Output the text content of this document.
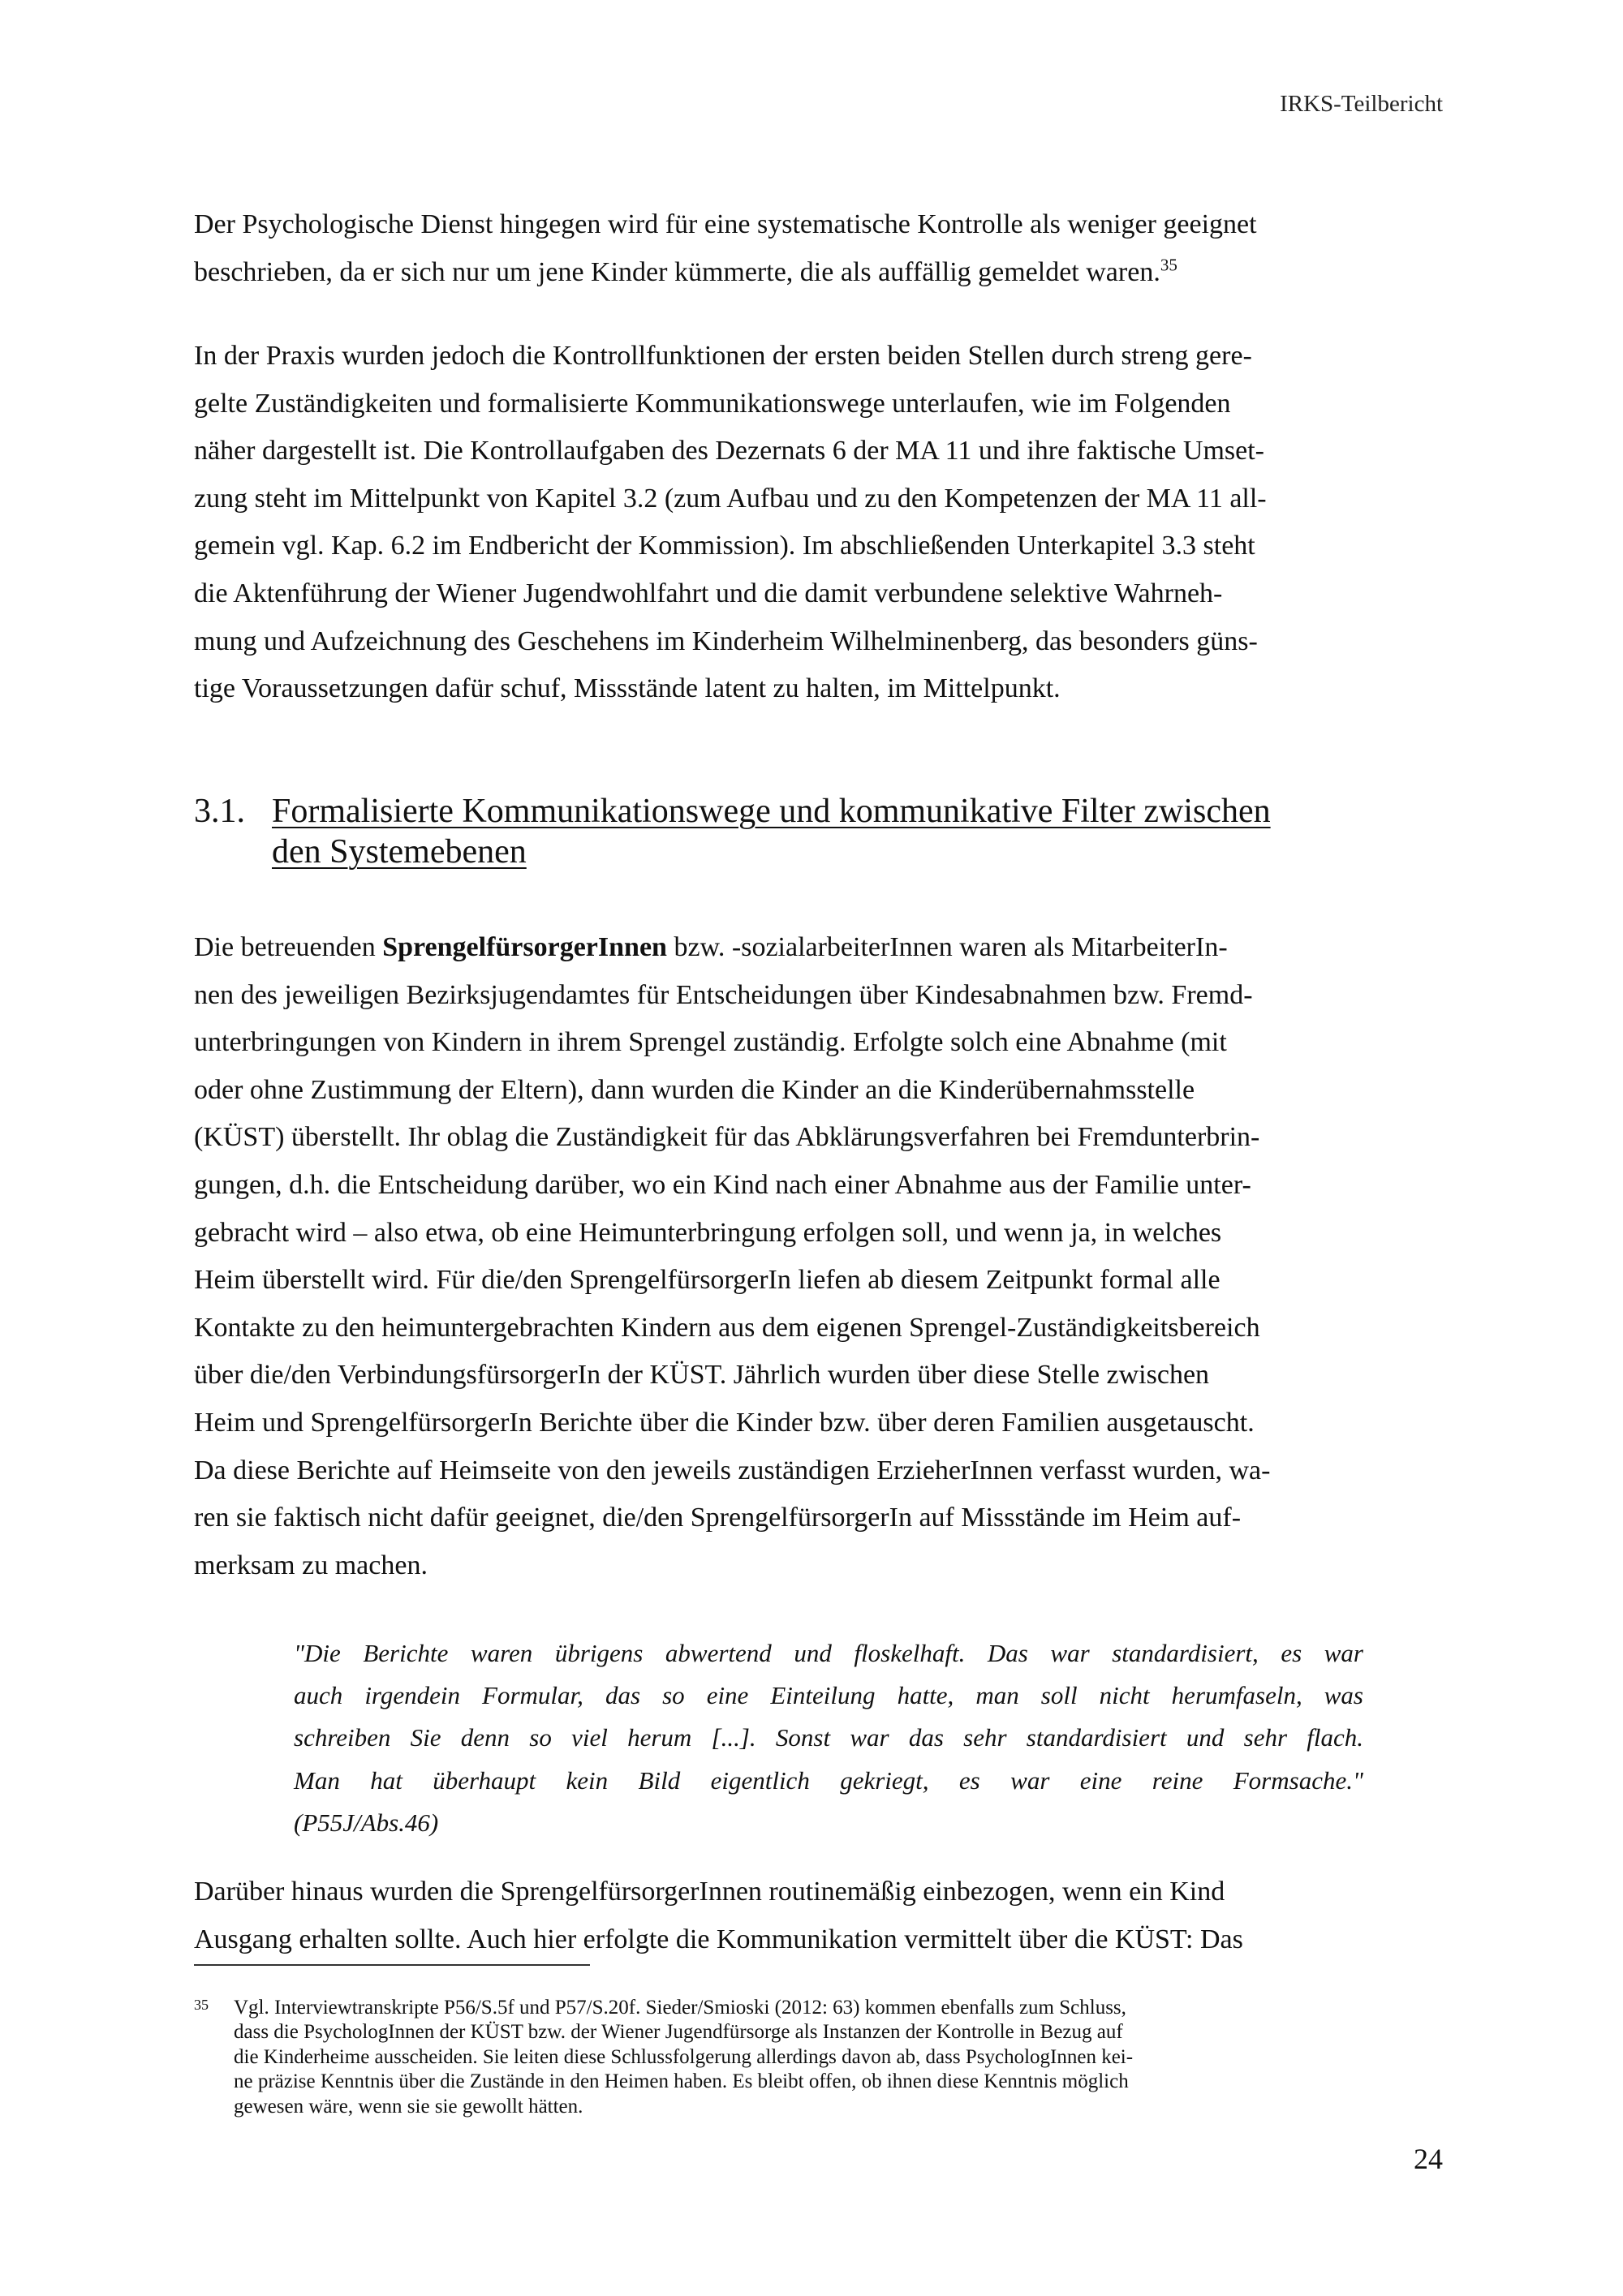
IRKS-Teilbericht
Der Psychologische Dienst hingegen wird für eine systematische Kontrolle als weniger geeignet
beschrieben, da er sich nur um jene Kinder kümmerte, die als auffällig gemeldet waren.$^{35}$
In der Praxis wurden jedoch die Kontrollfunktionen der ersten beiden Stellen durch streng gere-
gelte Zuständigkeiten und formalisierte Kommunikationswege unterlaufen, wie im Folgenden
näher dargestellt ist. Die Kontrollaufgaben des Dezernats 6 der MA 11 und ihre faktische Umset-
zung steht im Mittelpunkt von Kapitel 3.2 (zum Aufbau und zu den Kompetenzen der MA 11 all-
gemein vgl. Kap. 6.2 im Endbericht der Kommission). Im abschließenden Unterkapitel 3.3 steht
die Aktenführung der Wiener Jugendwohlfahrt und die damit verbundene selektive Wahrneh-
mung und Aufzeichnung des Geschehens im Kinderheim Wilhelminenberg, das besonders güns-
tige Voraussetzungen dafür schuf, Missstände latent zu halten, im Mittelpunkt.
3.1. Formalisierte Kommunikationswege und kommunikative Filter zwischen
den Systemebenen
Die betreuenden SprengelfürsorgerInnen bzw. -sozialarbeiterInnen waren als MitarbeiterIn-
nen des jeweiligen Bezirksjugendamtes für Entscheidungen über Kindesabnahmen bzw. Fremd-
unterbringungen von Kindern in ihrem Sprengel zuständig. Erfolgte solch eine Abnahme (mit
oder ohne Zustimmung der Eltern), dann wurden die Kinder an die Kinderübernahmsstelle
(KÜST) überstellt. Ihr oblag die Zuständigkeit für das Abklärungsverfahren bei Fremdunterbrin-
gungen, d.h. die Entscheidung darüber, wo ein Kind nach einer Abnahme aus der Familie unter-
gebracht wird – also etwa, ob eine Heimunterbringung erfolgen soll, und wenn ja, in welches
Heim überstellt wird. Für die/den SprengelfürsorgerIn liefen ab diesem Zeitpunkt formal alle
Kontakte zu den heimuntergebrachten Kindern aus dem eigenen Sprengel-Zuständigkeitsbereich
über die/den VerbindungsfürsorgerIn der KÜST. Jährlich wurden über diese Stelle zwischen
Heim und SprengelfürsorgerIn Berichte über die Kinder bzw. über deren Familien ausgetauscht.
Da diese Berichte auf Heimseite von den jeweils zuständigen ErzieherInnen verfasst wurden, wa-
ren sie faktisch nicht dafür geeignet, die/den SprengelfürsorgerIn auf Missstände im Heim auf-
merksam zu machen.
"Die Berichte waren übrigens abwertend und floskelhaft. Das war standardisiert, es war
auch irgendein Formular, das so eine Einteilung hatte, man soll nicht herumfaseln, was
schreiben Sie denn so viel herum [...]. Sonst war das sehr standardisiert und sehr flach.
Man hat überhaupt kein Bild eigentlich gekriegt, es war eine reine Formsache."
(P55J/Abs.46)
Darüber hinaus wurden die SprengelfürsorgerInnen routinemäßig einbezogen, wenn ein Kind
Ausgang erhalten sollte. Auch hier erfolgte die Kommunikation vermittelt über die KÜST: Das
35 Vgl. Interviewtranskripte P56/S.5f und P57/S.20f. Sieder/Smioski (2012: 63) kommen ebenfalls zum Schluss,
dass die PsychologInnen der KÜST bzw. der Wiener Jugendfürsorge als Instanzen der Kontrolle in Bezug auf
die Kinderheime ausscheiden. Sie leiten diese Schlussfolgerung allerdings davon ab, dass PsychologInnen kei-
ne präzise Kenntnis über die Zustände in den Heimen haben. Es bleibt offen, ob ihnen diese Kenntnis möglich
gewesen wäre, wenn sie sie gewollt hätten.
24
